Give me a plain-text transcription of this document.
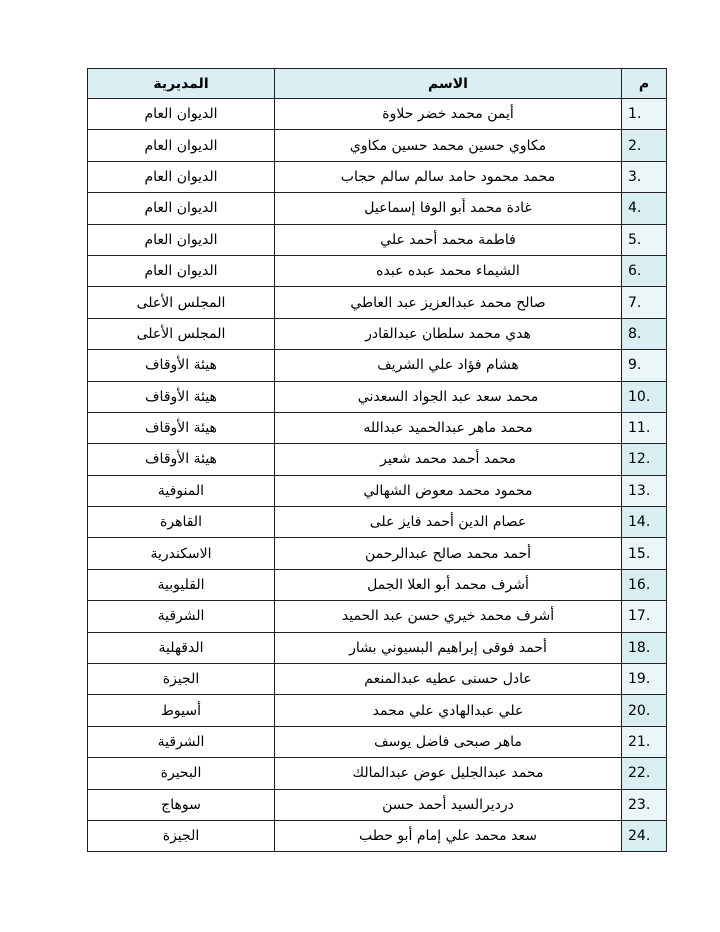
م	الاسم	المديرية
1.	أيمن محمد خضر حلاوة	الديوان العام
2.	مكاوي حسين محمد حسين مكاوي	الديوان العام
3.	محمد محمود حامد سالم سالم حجاب	الديوان العام
4.	غادة محمد أبو الوفا إسماعيل	الديوان العام
5.	فاطمة محمد أحمد علي	الديوان العام
6.	الشيماء محمد عبده عبده	الديوان العام
7.	صالح محمد عبدالعزيز عبد العاطي	المجلس الأعلى
8.	هدي محمد سلطان عبدالقادر	المجلس الأعلى
9.	هشام فؤاد علي الشريف	هيئة الأوقاف
10.	محمد سعد عبد الجواد السعدني	هيئة الأوقاف
11.	محمد ماهر عبدالحميد عبدالله	هيئة الأوقاف
12.	محمد أحمد محمد شعير	هيئة الأوقاف
13.	محمود محمد معوض الشهالي	المنوفية
14.	عصام الدين أحمد فايز على	القاهرة
15.	أحمد محمد صالح عبدالرحمن	الاسكندرية
16.	أشرف محمد أبو العلا الجمل	القليوبية
17.	أشرف محمد خيري حسن عبد الحميد	الشرقية
18.	أحمد فوقى إبراهيم البسيوني بشار	الدقهلية
19.	عادل حسنى عطيه عبدالمنعم	الجيزة
20.	علي عبدالهادي علي محمد	أسيوط
21.	ماهر صبحى فاضل يوسف	الشرقية
22.	محمد عبدالجليل عوض عبدالمالك	البحيرة
23.	درديرالسيد أحمد حسن	سوهاج
24.	سعد محمد علي إمام أبو حطب	الجيزة
